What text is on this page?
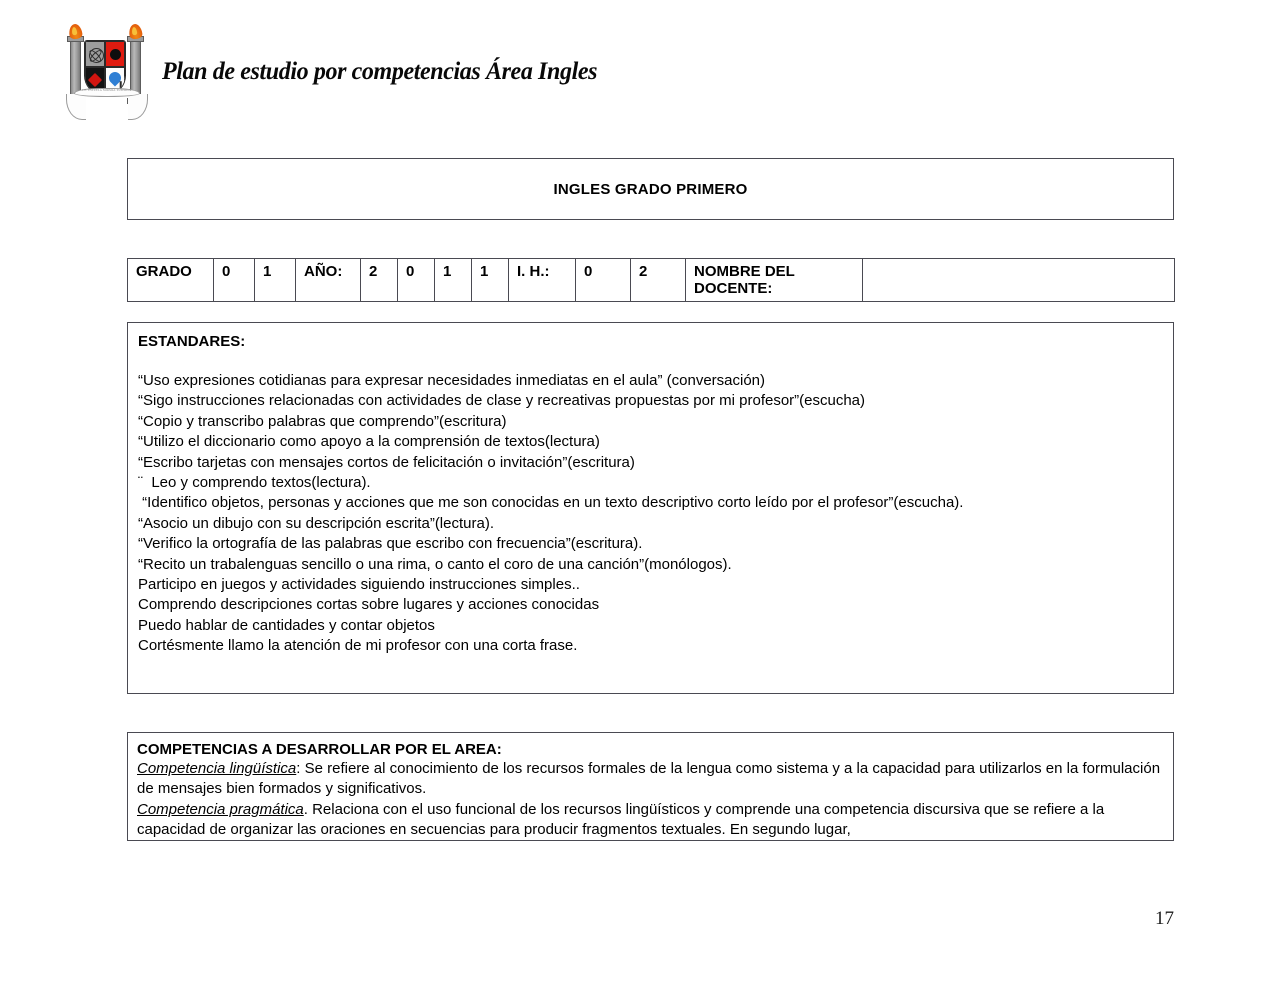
I.E. ESCUELA NORMAL SUPERIOR
Plan de estudio por competencias Área Ingles
INGLES GRADO PRIMERO
GRADO	0	1	AÑO:	2	0	1	1	I. H.:	0	2	NOMBRE DEL DOCENTE:	
ESTANDARES:
“Uso expresiones cotidianas para expresar necesidades inmediatas en el aula” (conversación)
“Sigo instrucciones relacionadas con actividades de clase y recreativas propuestas por mi profesor”(escucha)
“Copio y transcribo palabras que comprendo”(escritura)
“Utilizo el diccionario como apoyo a la comprensión de textos(lectura)
“Escribo tarjetas con mensajes cortos de felicitación o invitación”(escritura)
¨  Leo y comprendo textos(lectura).
“Identifico objetos, personas y acciones que me son conocidas en un texto descriptivo corto leído por el profesor”(escucha).
“Asocio un dibujo con su descripción escrita”(lectura).
“Verifico la ortografía de las palabras que escribo con frecuencia”(escritura).
“Recito un trabalenguas sencillo o una rima, o canto el coro de una canción”(monólogos).
Participo en juegos y actividades siguiendo instrucciones simples..
Comprendo descripciones cortas sobre lugares y acciones conocidas
Puedo hablar de cantidades y contar objetos
Cortésmente llamo la atención de mi profesor con una corta frase.
COMPETENCIAS A DESARROLLAR POR EL AREA:
Competencia lingüística: Se refiere al conocimiento de los recursos formales de la lengua como sistema y a la capacidad para utilizarlos en la formulación de mensajes bien formados y significativos.
Competencia pragmática. Relaciona con el uso funcional de los recursos lingüísticos y comprende una competencia discursiva que se refiere a la capacidad de organizar las oraciones en secuencias para producir fragmentos textuales. En segundo lugar,
17
